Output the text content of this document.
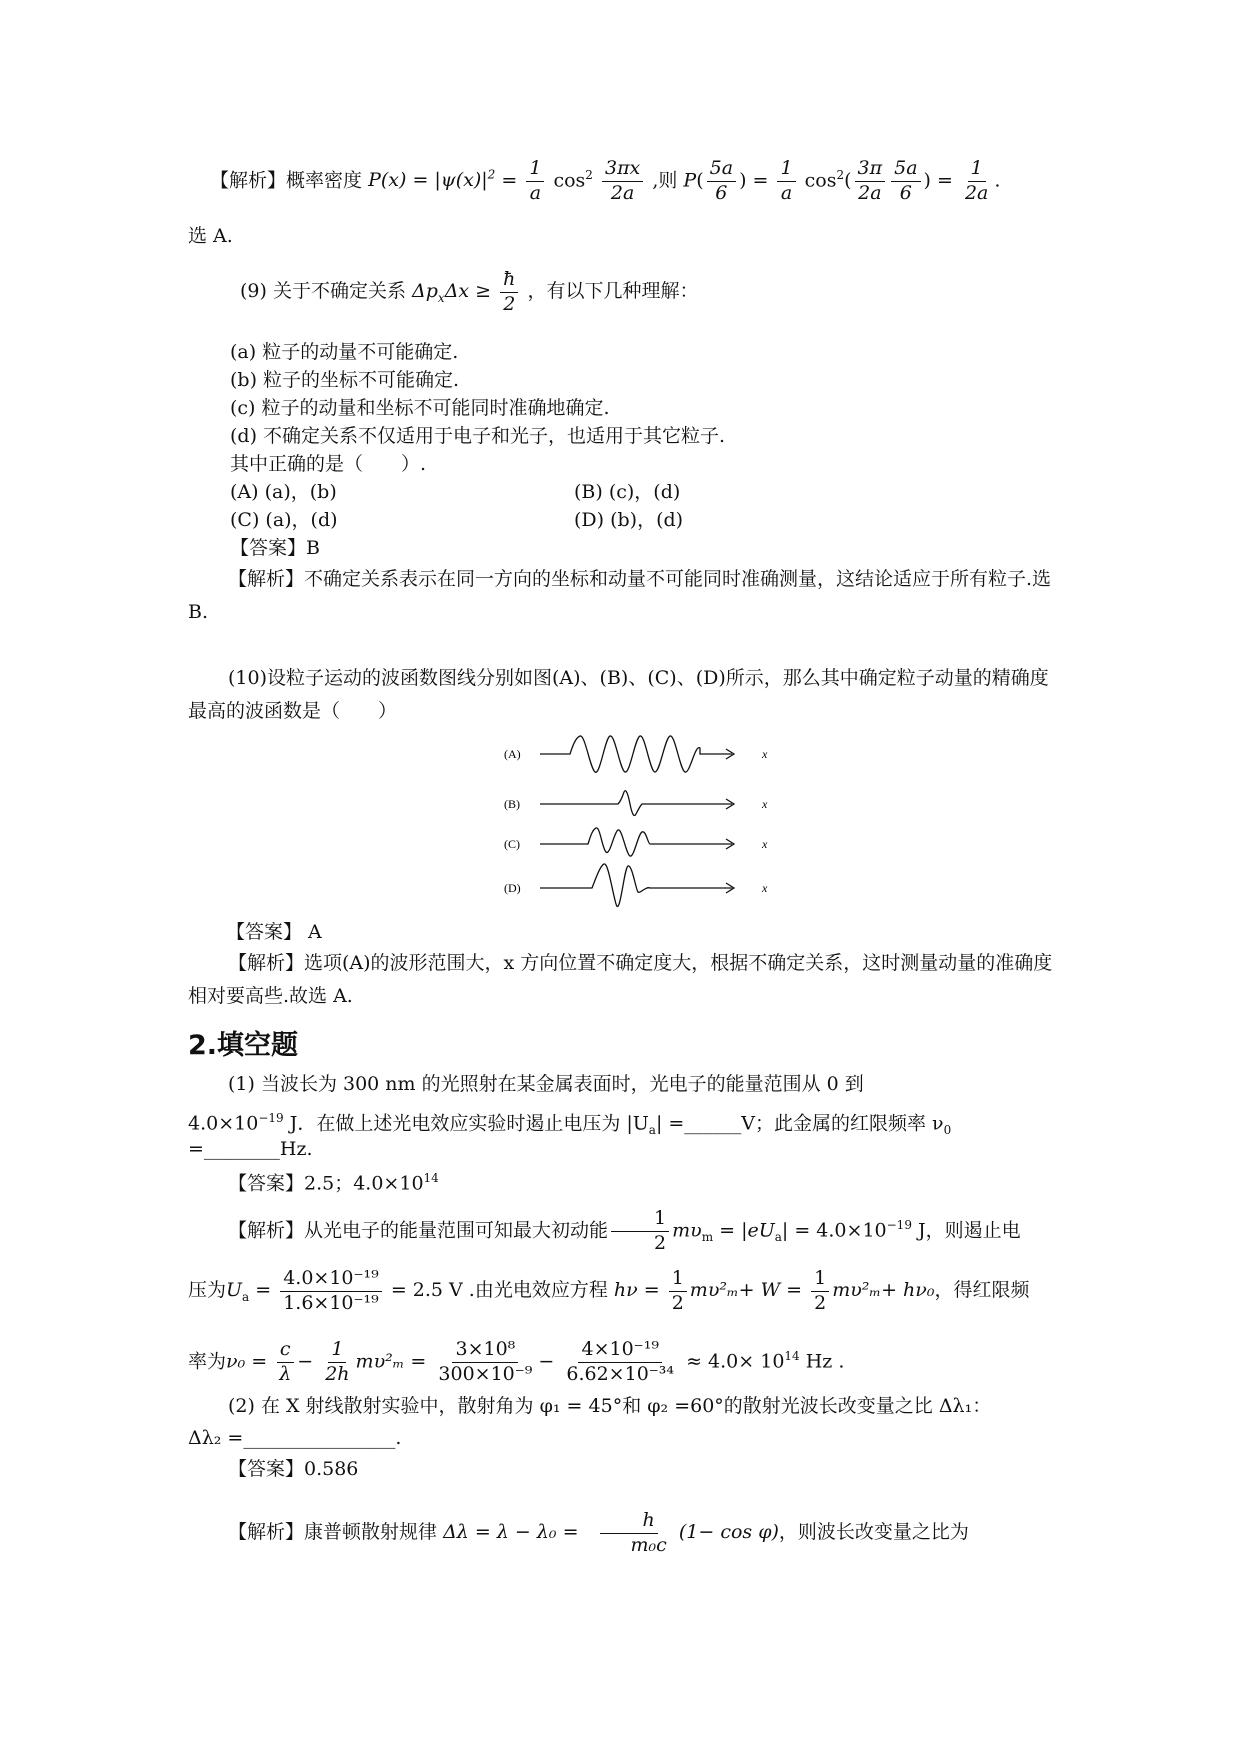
【解析】概率密度 $P(x) = |\psi(x)|^2 = \frac{1}{a} \cos^2 \frac{3\pi x}{2a}$ ,则 $P( \frac{5a}{6}$ ) = $\frac{1}{a} \cos^2( \frac{3\pi}{2a} \frac{5a}{6}$ ) = $\frac{1}{2a}$ .
选 A.
(9) 关于不确定关系 $\Delta p_x\Delta x \ge \frac{ħ}{2}$ ，有以下几种理解：
(a) 粒子的动量不可能确定.
(b) 粒子的坐标不可能确定.
(c) 粒子的动量和坐标不可能同时准确地确定.
(d) 不确定关系不仅适用于电子和光子，也适用于其它粒子.
其中正确的是（　　）.
(A) (a)，(b)	(B) (c)，(d)
(C) (a)，(d)	(D) (b)，(d)
【答案】B
【解析】不确定关系表示在同一方向的坐标和动量不可能同时准确测量，这结论适应于所有粒子.选 B.
(10)设粒子运动的波函数图线分别如图(A)、(B)、(C)、(D)所示，那么其中确定粒子动量的精确度最高的波函数是（　　）
(A)
(B)
(C)
(D)
x
x
x
x
【答案】 A
【解析】选项(A)的波形范围大，x 方向位置不确定度大，根据不确定关系，这时测量动量的准确度相对要高些.故选 A.
2.填空题
(1) 当波长为 300 nm 的光照射在某金属表面时，光电子的能量范围从 0 到
$4.0\times 10^{-19}$ J．在做上述光电效应实验时遏止电压为 $|U_a|$ =______V；此金属的红限频率 $\nu_0$
=________Hz.
【答案】2.5；$4.0\times 10^{14}$
【解析】从光电子的能量范围可知最大初动能 $\frac{1}{2} m\upsilon_m = |eU_a| = 4.0\times 10^{-19}$ J，则遏止电
压为$U_a = \frac{\text{4.0×10⁻¹⁹}}{\text{1.6×10⁻¹⁹}} = 2.5$ V .由光电效应方程 $h\nu = \frac{1}{2} m\upsilon^2_m+ W = \frac{1}{2} m\upsilon^2_m+ h\nu_0$，得红限频
率为$\nu_0 = \frac{c}{\lambda} - \frac{1}{2h} m\upsilon^2_m = \frac{\text{3×10⁸}}{\text{300×10⁻⁹}} - \frac{\text{4×10⁻¹⁹}}{\text{6.62×10⁻³⁴}} \approx 4.0\times 10^{14}$ Hz .
(2) 在 X 射线散射实验中，散射角为 φ₁ = 45°和 φ₂ =60°的散射光波长改变量之比 Δλ₁：
Δλ₂ =________________.
【答案】0.586
【解析】康普顿散射规律 $\Delta\lambda = \lambda - \lambda_0 = \frac{h}{\text{m₀c}} (1- \cos \varphi)$，则波长改变量之比为
